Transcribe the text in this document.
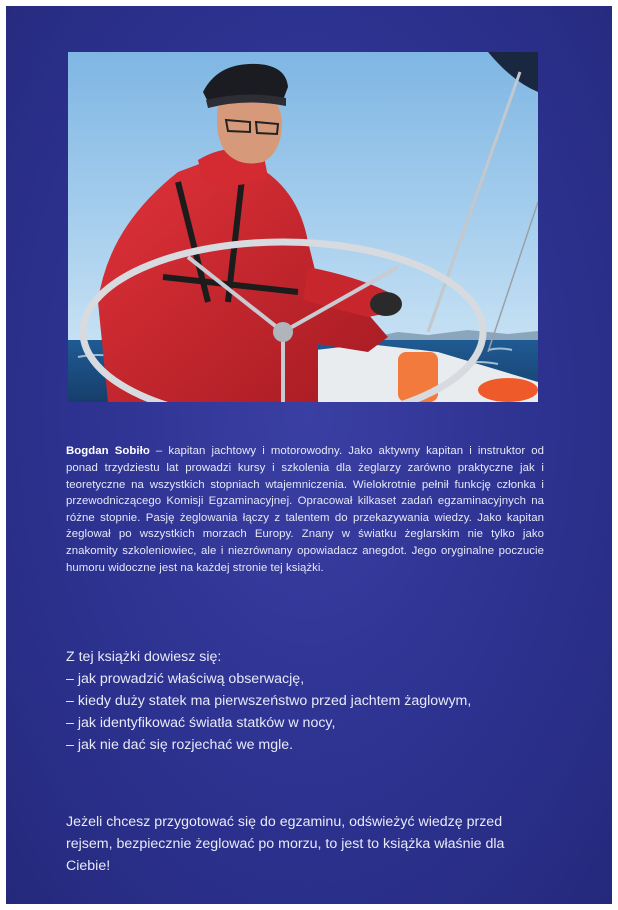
Bogdan Sobiło – kapitan jachtowy i motorowodny. Jako aktywny kapitan i instruktor od ponad trzydziestu lat prowadzi kursy i szkolenia dla żeglarzy zarówno praktyczne jak i teoretyczne na wszystkich stopniach wtajemniczenia. Wielokrotnie pełnił funkcję członka i przewodniczącego Komisji Egzaminacyjnej. Opracował kilkaset zadań egzaminacyjnych na różne stopnie. Pasję żeglowania łączy z talentem do przekazywania wiedzy. Jako kapitan żeglował po wszystkich morzach Europy. Znany w światku żeglarskim nie tylko jako znakomity szkoleniowiec, ale i niezrównany opowiadacz anegdot. Jego oryginalne poczucie humoru widoczne jest na każdej stronie tej książki.

Z tej książki dowiesz się:
– jak prowadzić właściwą obserwację,
– kiedy duży statek ma pierwszeństwo przed jachtem żaglowym,
– jak identyfikować światła statków w nocy,
– jak nie dać się rozjechać we mgle.

Jeżeli chcesz przygotować się do egzaminu, odświeżyć wiedzę przed rejsem, bezpiecznie żeglować po morzu, to jest to książka właśnie dla Ciebie!
